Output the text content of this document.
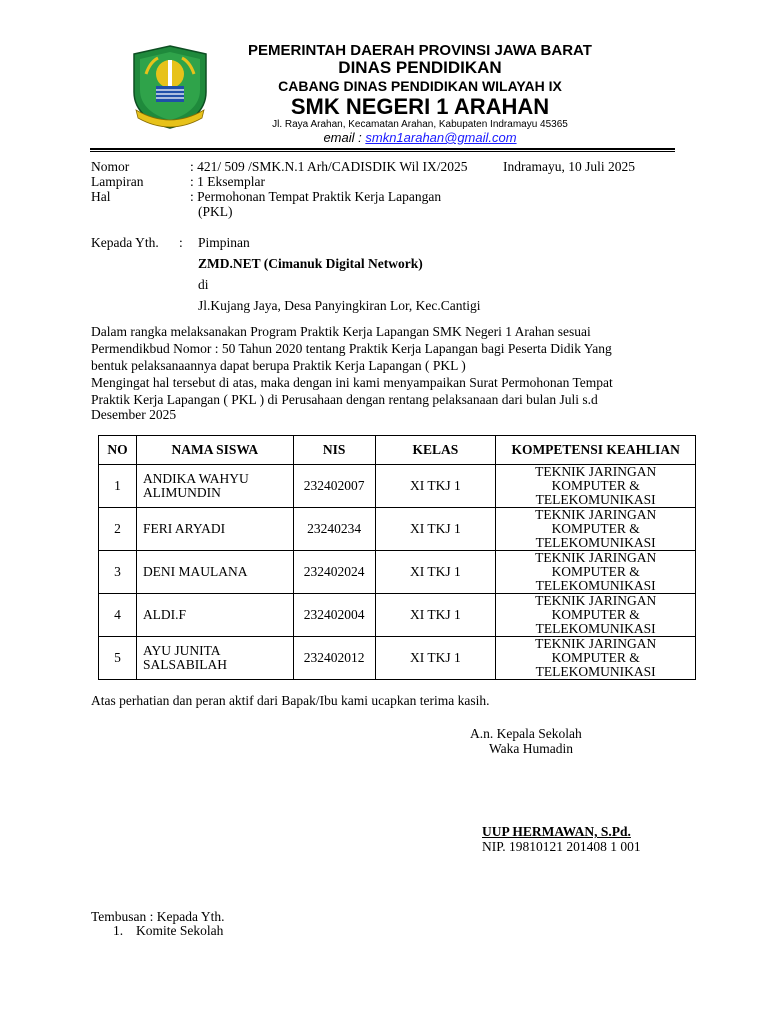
PEMERINTAH DAERAH PROVINSI JAWA BARAT
DINAS PENDIDIKAN
CABANG DINAS PENDIDIKAN WILAYAH IX
SMK NEGERI 1 ARAHAN
Jl. Raya Arahan, Kecamatan Arahan, Kabupaten Indramayu 45365
email : smkn1arahan@gmail.com
Nomor	: 421/ 509 /SMK.N.1 Arh/CADISDIK Wil IX/2025	Indramayu, 10 Juli 2025
Lampiran	: 1 Eksemplar
Hal	: Permohonan Tempat Praktik Kerja Lapangan
(PKL)
Kepada Yth. : Pimpinan
ZMD.NET (Cimanuk Digital Network)
di
Jl.Kujang Jaya, Desa Panyingkiran Lor, Kec.Cantigi
Dalam rangka melaksanakan Program Praktik Kerja Lapangan SMK Negeri 1 Arahan sesuai
Permendikbud Nomor : 50 Tahun 2020 tentang Praktik Kerja Lapangan bagi Peserta Didik Yang
bentuk pelaksanaannya dapat berupa Praktik Kerja Lapangan ( PKL )
Mengingat hal tersebut di atas, maka dengan ini kami menyampaikan Surat Permohonan Tempat
Praktik Kerja Lapangan ( PKL ) di Perusahaan dengan rentang pelaksanaan dari bulan Juli s.d
Desember 2025
NO	NAMA SISWA	NIS	KELAS	KOMPETENSI KEAHLIAN
1	ANDIKA WAHYU ALIMUNDIN	232402007	XI TKJ 1	TEKNIK JARINGAN KOMPUTER & TELEKOMUNIKASI
2	FERI ARYADI	23240234	XI TKJ 1	TEKNIK JARINGAN KOMPUTER & TELEKOMUNIKASI
3	DENI MAULANA	232402024	XI TKJ 1	TEKNIK JARINGAN KOMPUTER & TELEKOMUNIKASI
4	ALDI.F	232402004	XI TKJ 1	TEKNIK JARINGAN KOMPUTER & TELEKOMUNIKASI
5	AYU JUNITA SALSABILAH	232402012	XI TKJ 1	TEKNIK JARINGAN KOMPUTER & TELEKOMUNIKASI
Atas perhatian dan peran aktif dari Bapak/Ibu kami ucapkan terima kasih.
A.n. Kepala Sekolah
Waka Humadin
UUP HERMAWAN, S.Pd.
NIP. 19810121 201408 1 001
Tembusan : Kepada Yth.
1. Komite Sekolah
